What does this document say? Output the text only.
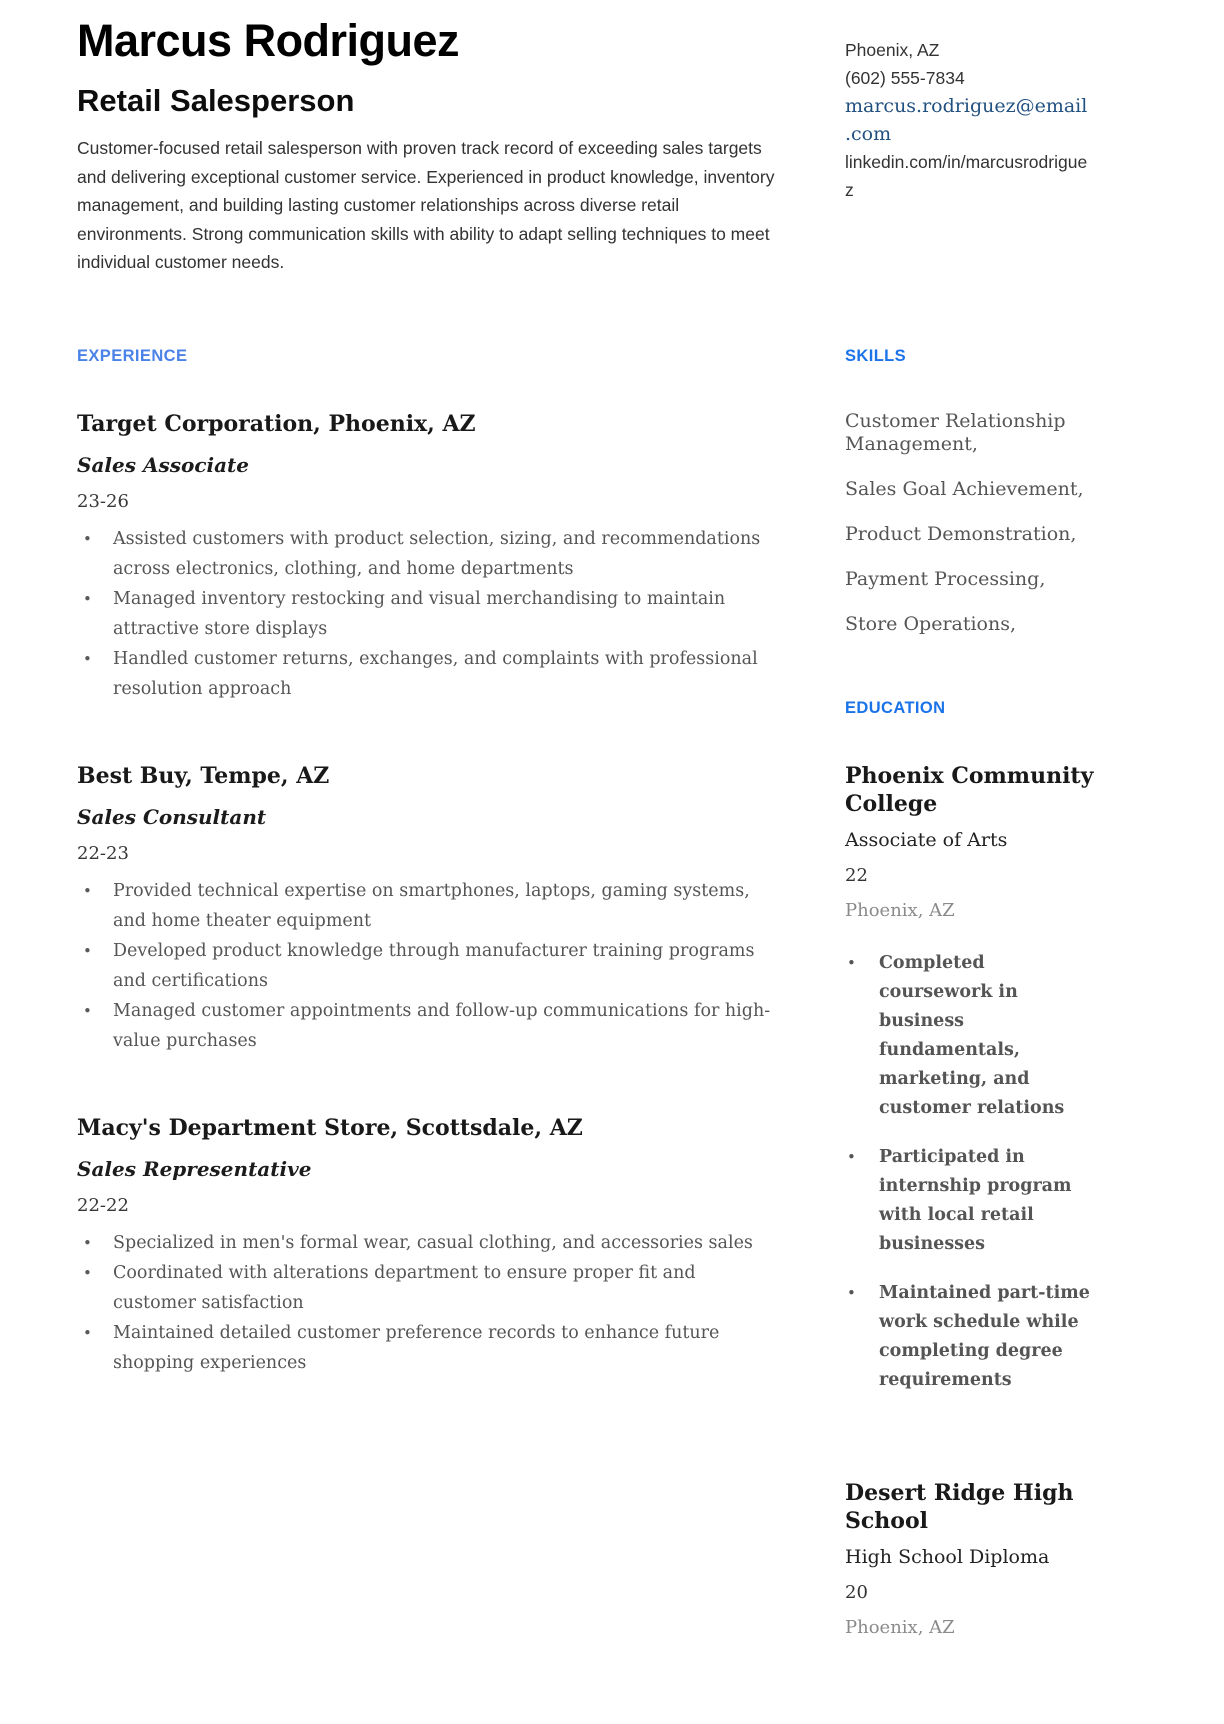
Marcus Rodriguez
Retail Salesperson

Customer-focused retail salesperson with proven track record of exceeding sales targets and delivering exceptional customer service. Experienced in product knowledge, inventory management, and building lasting customer relationships across diverse retail environments. Strong communication skills with ability to adapt selling techniques to meet individual customer needs.

Phoenix, AZ
(602) 555-7834
marcus.rodriguez@email.com
linkedin.com/in/marcusrodriguez
EXPERIENCE
Target Corporation, Phoenix, AZ
Sales Associate
23-26
•	Assisted customers with product selection, sizing, and recommendations across electronics, clothing, and home departments
•	Managed inventory restocking and visual merchandising to maintain attractive store displays
•	Handled customer returns, exchanges, and complaints with professional resolution approach
Best Buy, Tempe, AZ
Sales Consultant
22-23
•	Provided technical expertise on smartphones, laptops, gaming systems, and home theater equipment
•	Developed product knowledge through manufacturer training programs and certifications
•	Managed customer appointments and follow-up communications for high-value purchases
Macy's Department Store, Scottsdale, AZ
Sales Representative
22-22
•	Specialized in men's formal wear, casual clothing, and accessories sales
•	Coordinated with alterations department to ensure proper fit and customer satisfaction
•	Maintained detailed customer preference records to enhance future shopping experiences
SKILLS
Customer Relationship Management,
Sales Goal Achievement,
Product Demonstration,
Payment Processing,
Store Operations,
EDUCATION
Phoenix Community College
Associate of Arts
22
Phoenix, AZ
•	Completed coursework in business fundamentals, marketing, and customer relations
•	Participated in internship program with local retail businesses
•	Maintained part-time work schedule while completing degree requirements
Desert Ridge High School
High School Diploma
20
Phoenix, AZ
